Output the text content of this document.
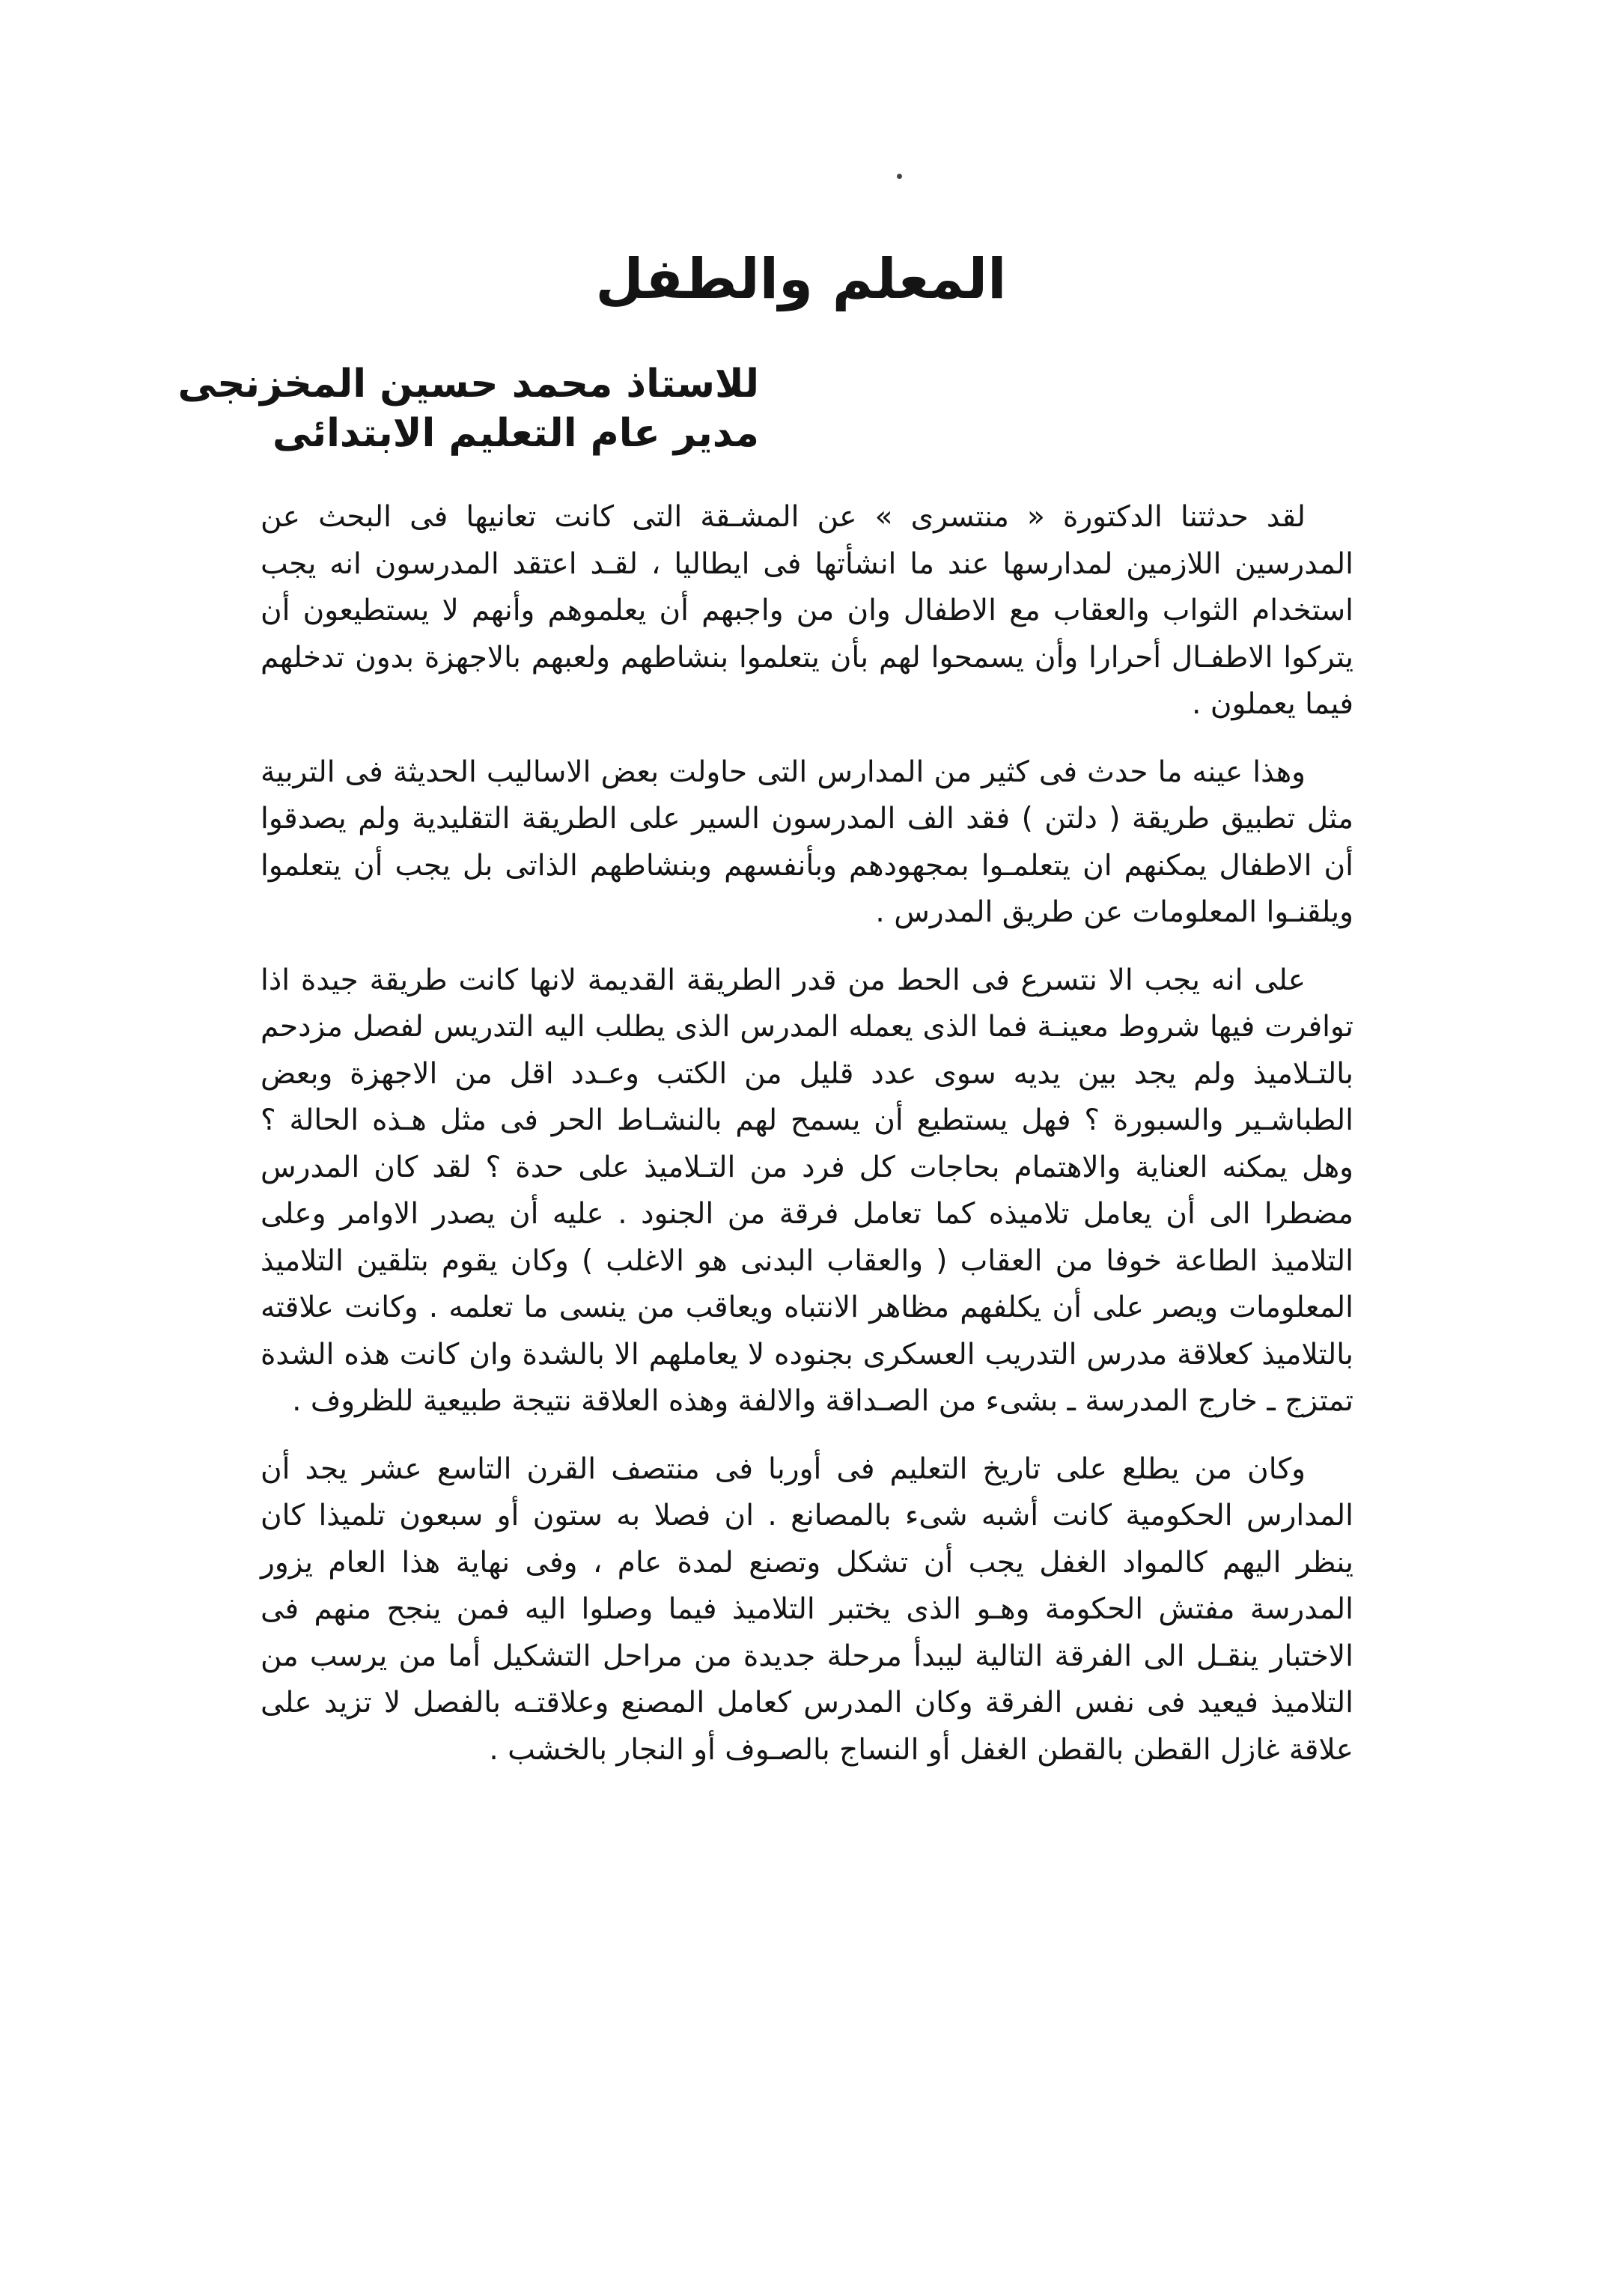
المعلم والطفل
للاستاذ محمد حسين المخزنجى
مدير عام التعليم الابتدائى

لقد حدثتنا الدكتورة « منتسرى » عن المشـقة التى كانت تعانيها فى البحث عن المدرسين اللازمين لمدارسها عند ما انشأتها فى ايطاليا ، لقـد اعتقد المدرسون انه يجب استخدام الثواب والعقاب مع الاطفال وان من واجبهم أن يعلموهم وأنهم لا يستطيعون أن يتركوا الاطفـال أحرارا وأن يسمحوا لهم بأن يتعلموا بنشاطهم ولعبهم بالاجهزة بدون تدخلهم فيما يعملون .

وهذا عينه ما حدث فى كثير من المدارس التى حاولت بعض الاساليب الحديثة فى التربية مثل تطبيق طريقة ( دلتن ) فقد الف المدرسون السير على الطريقة التقليدية ولم يصدقوا أن الاطفال يمكنهم ان يتعلمـوا بمجهودهم وبأنفسهم وبنشاطهم الذاتى بل يجب أن يتعلموا ويلقنـوا المعلومات عن طريق المدرس .

على انه يجب الا نتسرع فى الحط من قدر الطريقة القديمة لانها كانت طريقة جيدة اذا توافرت فيها شروط معينـة فما الذى يعمله المدرس الذى يطلب اليه التدريس لفصل مزدحم بالتـلاميذ ولم يجد بين يديه سوى عدد قليل من الكتب وعـدد اقل من الاجهزة وبعض الطباشـير والسبورة ؟ فهل يستطيع أن يسمح لهم بالنشـاط الحر فى مثل هـذه الحالة ؟ وهل يمكنه العناية والاهتمام بحاجات كل فرد من التـلاميذ على حدة ؟ لقد كان المدرس مضطرا الى أن يعامل تلاميذه كما تعامل فرقة من الجنود . عليه أن يصدر الاوامر وعلى التلاميذ الطاعة خوفا من العقاب ( والعقاب البدنى هو الاغلب ) وكان يقوم بتلقين التلاميذ المعلومات ويصر على أن يكلفهم مظاهر الانتباه ويعاقب من ينسى ما تعلمه . وكانت علاقته بالتلاميذ كعلاقة مدرس التدريب العسكرى بجنوده لا يعاملهم الا بالشدة وان كانت هذه الشدة تمتزج ـ خارج المدرسة ـ بشىء من الصـداقة والالفة وهذه العلاقة نتيجة طبيعية للظروف .

وكان من يطلع على تاريخ التعليم فى أوربا فى منتصف القرن التاسع عشر يجد أن المدارس الحكومية كانت أشبه شىء بالمصانع . ان فصلا به ستون أو سبعون تلميذا كان ينظر اليهم كالمواد الغفل يجب أن تشكل وتصنع لمدة عام ، وفى نهاية هذا العام يزور المدرسة مفتش الحكومة وهـو الذى يختبر التلاميذ فيما وصلوا اليه فمن ينجح منهم فى الاختبار ينقـل الى الفرقة التالية ليبدأ مرحلة جديدة من مراحل التشكيل أما من يرسب من التلاميذ فيعيد فى نفس الفرقة وكان المدرس كعامل المصنع وعلاقتـه بالفصل لا تزيد على علاقة غازل القطن بالقطن الغفل أو النساج بالصـوف أو النجار بالخشب .
